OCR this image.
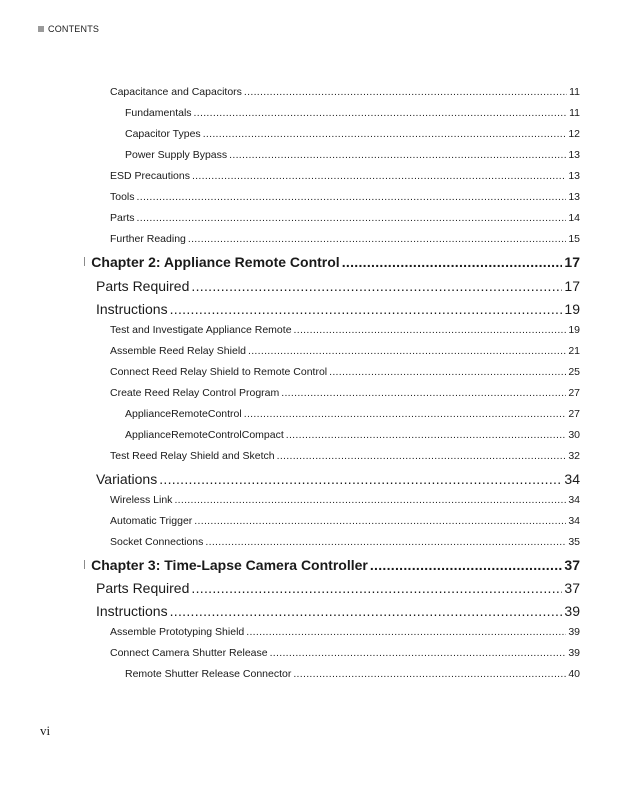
CONTENTS
Capacitance and Capacitors .....	11
Fundamentals .....	11
Capacitor Types .....	12
Power Supply Bypass .....	13
ESD Precautions .....	13
Tools .....	13
Parts .....	14
Further Reading .....	15
Chapter 2: Appliance Remote Control .....	17
Parts Required .....	17
Instructions .....	19
Test and Investigate Appliance Remote .....	19
Assemble Reed Relay Shield .....	21
Connect Reed Relay Shield to Remote Control .....	25
Create Reed Relay Control Program .....	27
ApplianceRemoteControl .....	27
ApplianceRemoteControlCompact .....	30
Test Reed Relay Shield and Sketch .....	32
Variations .....	34
Wireless Link .....	34
Automatic Trigger .....	34
Socket Connections .....	35
Chapter 3: Time-Lapse Camera Controller .....	37
Parts Required .....	37
Instructions .....	39
Assemble Prototyping Shield .....	39
Connect Camera Shutter Release .....	39
Remote Shutter Release Connector .....	40
vi
